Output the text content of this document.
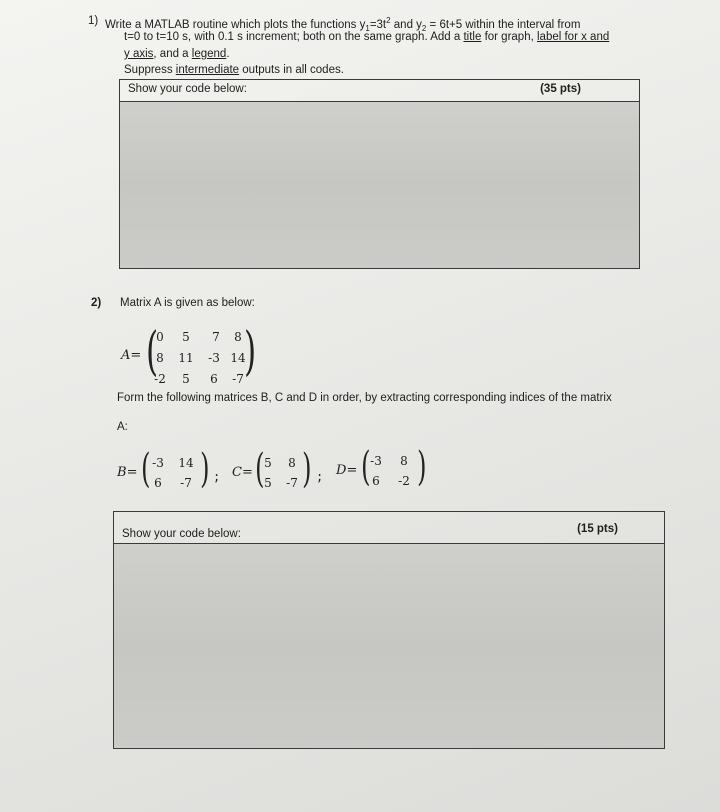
1) Write a MATLAB routine which plots the functions $y_1=3t^2$ and $y_2 = 6t+5$ within the interval from
t=0 to t=10 s, with 0.1 s increment; both on the same graph. Add a title for graph, label for x and
y axis, and a legend.
Suppress intermediate outputs in all codes.
Show your code below:	(35 pts)
2) Matrix A is given as below:
A= ( )
0	5	7	8
8	11	-3 14
-2	5	6	-7
Form the following matrices B, C and D in order, by extracting corresponding indices of the matrix
A:
B= ( )
-3	14
6	-7	; C= ( )
5	8
5	-7	; D= ( )
-3	8
6	-2
Show your code below:	(15 pts)
